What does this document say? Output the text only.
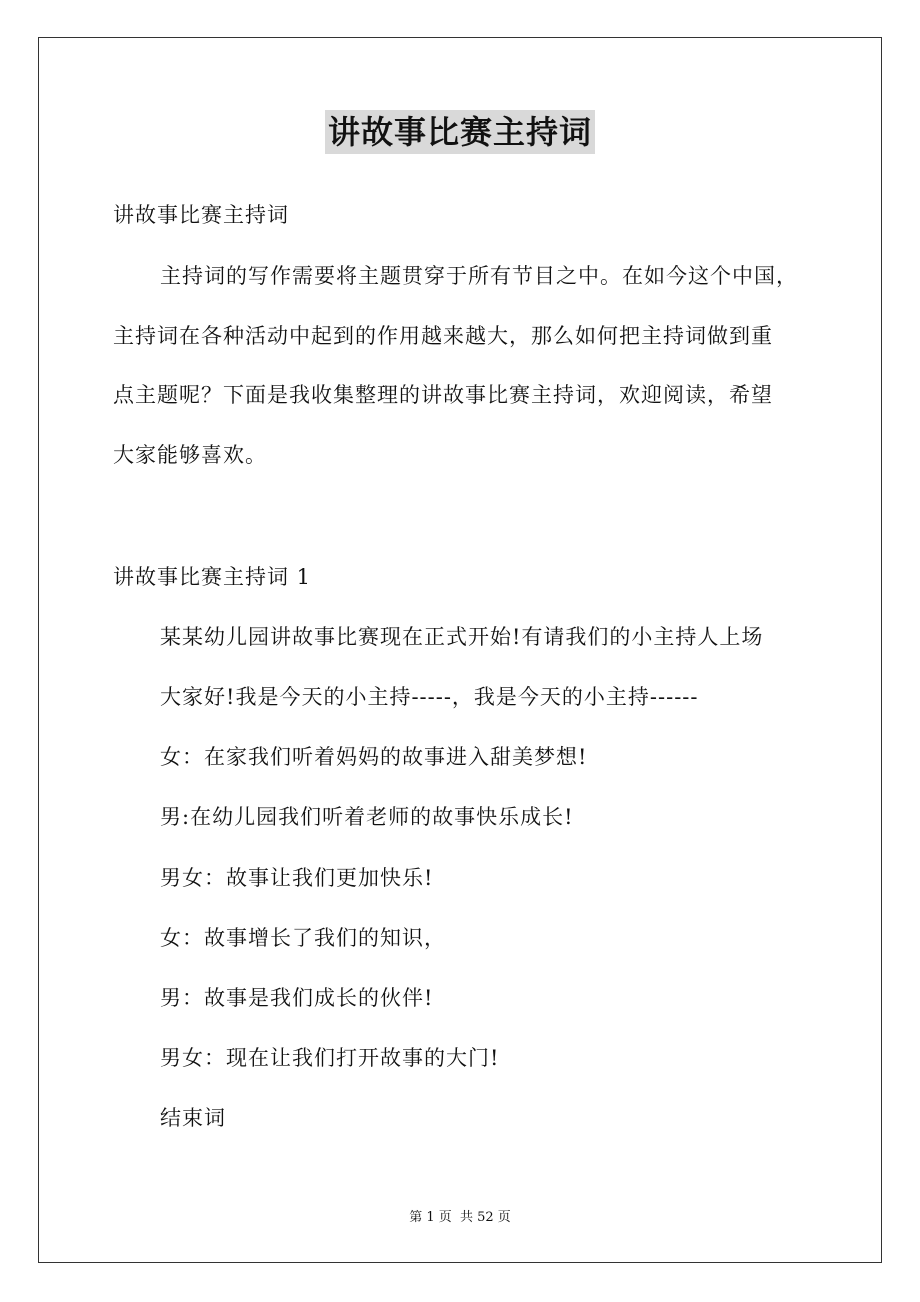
讲故事比赛主持词
讲故事比赛主持词
主持词的写作需要将主题贯穿于所有节目之中。在如今这个中国，
主持词在各种活动中起到的作用越来越大，那么如何把主持词做到重
点主题呢？下面是我收集整理的讲故事比赛主持词，欢迎阅读，希望
大家能够喜欢。
讲故事比赛主持词 1
某某幼儿园讲故事比赛现在正式开始!有请我们的小主持人上场
大家好!我是今天的小主持-----，我是今天的小主持------
女：在家我们听着妈妈的故事进入甜美梦想!
男:在幼儿园我们听着老师的故事快乐成长!
男女：故事让我们更加快乐!
女：故事增长了我们的知识，
男：故事是我们成长的伙伴!
男女：现在让我们打开故事的大门!
结束词
第 1 页 共 52 页
